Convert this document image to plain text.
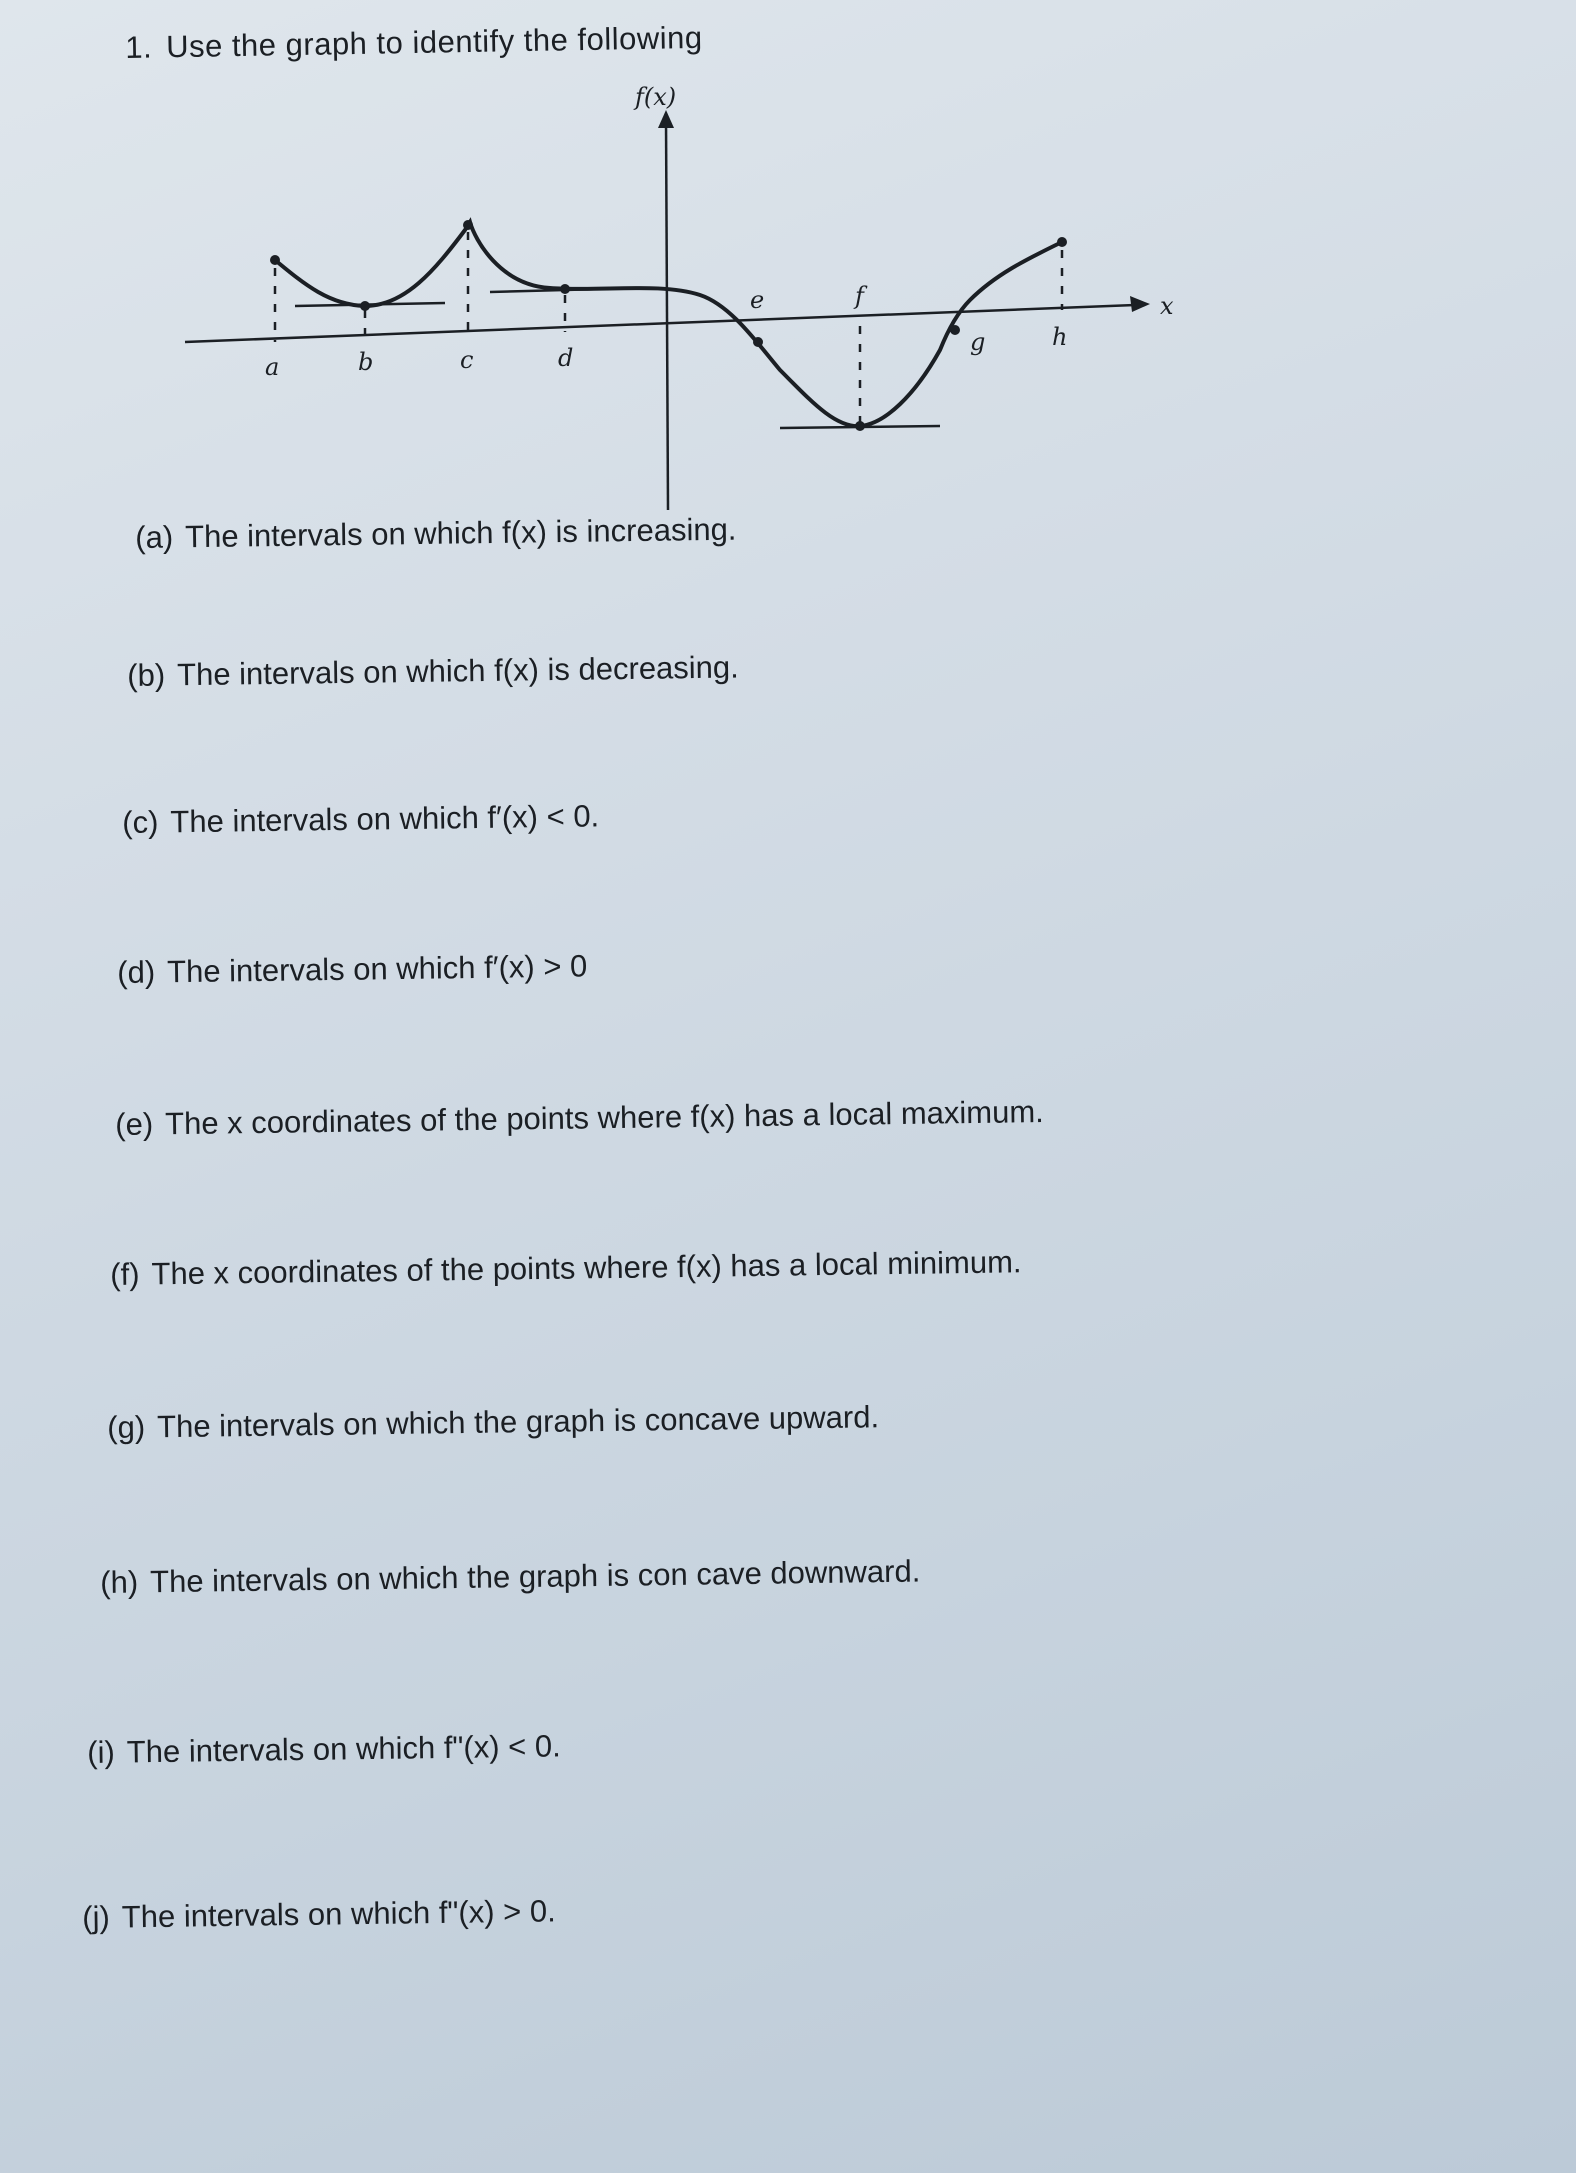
1. Use the graph to identify the following
f(x)
x
a	b	c	d
e	f
g	h
(a) The intervals on which f(x) is increasing.
(b) The intervals on which f(x) is decreasing.
(c) The intervals on which f′(x) < 0.
(d) The intervals on which f′(x) > 0
(e) The x coordinates of the points where f(x) has a local maximum.
(f) The x coordinates of the points where f(x) has a local minimum.
(g) The intervals on which the graph is concave upward.
(h) The intervals on which the graph is con cave downward.
(i) The intervals on which f"(x) < 0.
(j) The intervals on which f"(x) > 0.
